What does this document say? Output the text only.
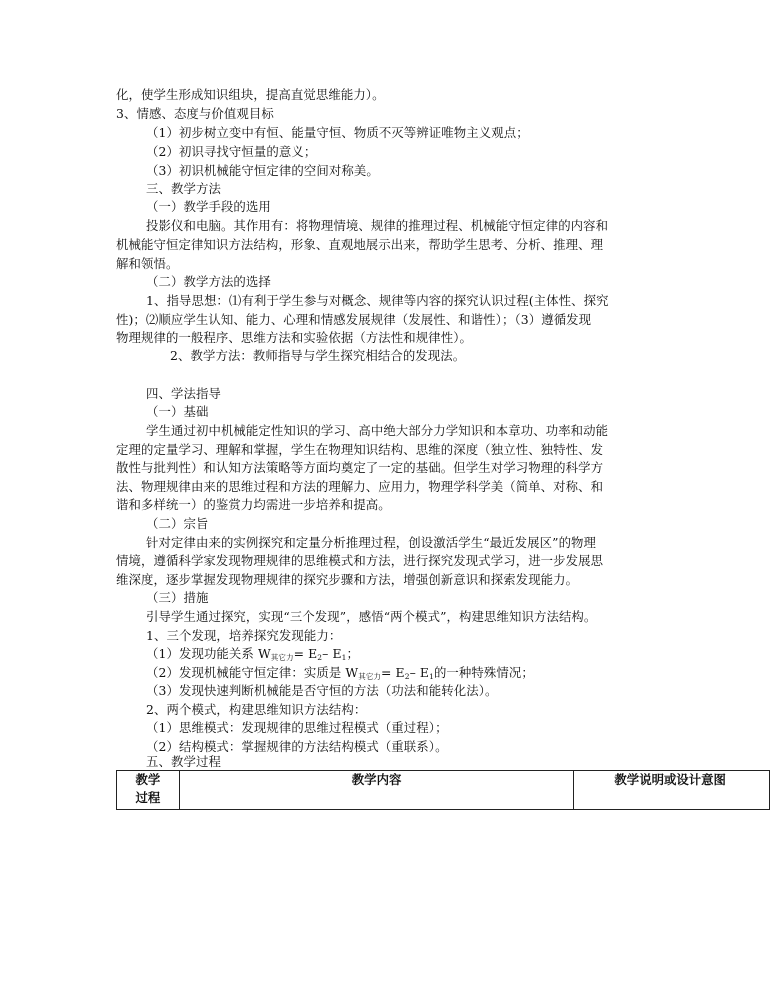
化，使学生形成知识组块，提高直觉思维能力）。
3、情感、态度与价值观目标
（1）初步树立变中有恒、能量守恒、物质不灭等辨证唯物主义观点；
（2）初识寻找守恒量的意义；
（3）初识机械能守恒定律的空间对称美。
三、教学方法
（一）教学手段的选用
投影仪和电脑。其作用有：将物理情境、规律的推理过程、机械能守恒定律的内容和
机械能守恒定律知识方法结构，形象、直观地展示出来，帮助学生思考、分析、推理、理
解和领悟。
（二）教学方法的选择
1、指导思想：⑴有利于学生参与对概念、规律等内容的探究认识过程(主体性、探究
性)；⑵顺应学生认知、能力、心理和情感发展规律（发展性、和谐性）；（3）遵循发现
物理规律的一般程序、思维方法和实验依据（方法性和规律性）。
2、教学方法：教师指导与学生探究相结合的发现法。
四、学法指导
（一）基础
学生通过初中机械能定性知识的学习、高中绝大部分力学知识和本章功、功率和动能
定理的定量学习、理解和掌握，学生在物理知识结构、思维的深度（独立性、独特性、发
散性与批判性）和认知方法策略等方面均奠定了一定的基础。但学生对学习物理的科学方
法、物理规律由来的思维过程和方法的理解力、应用力，物理学科学美（简单、对称、和
谐和多样统一）的鉴赏力均需进一步培养和提高。
（二）宗旨
针对定律由来的实例探究和定量分析推理过程，创设激活学生“最近发展区”的物理
情境，遵循科学家发现物理规律的思维模式和方法，进行探究发现式学习，进一步发展思
维深度，逐步掌握发现物理规律的探究步骤和方法，增强创新意识和探索发现能力。
（三）措施
引导学生通过探究，实现“三个发现”，感悟“两个模式”，构建思维知识方法结构。
1、三个发现，培养探究发现能力：
（1）发现功能关系 $W_{其它力}= E_2-$ $E_1$；
（2）发现机械能守恒定律：实质是 $W_{其它力}= E_2-$ $E_1$的一种特殊情况；
（3）发现快速判断机械能是否守恒的方法（功法和能转化法）。
2、两个模式，构建思维知识方法结构：
（1）思维模式：发现规律的思维过程模式（重过程）；
（2）结构模式：掌握规律的方法结构模式（重联系）。
五、教学过程
教学
过程
	教学内容	教学说明或设计意图
